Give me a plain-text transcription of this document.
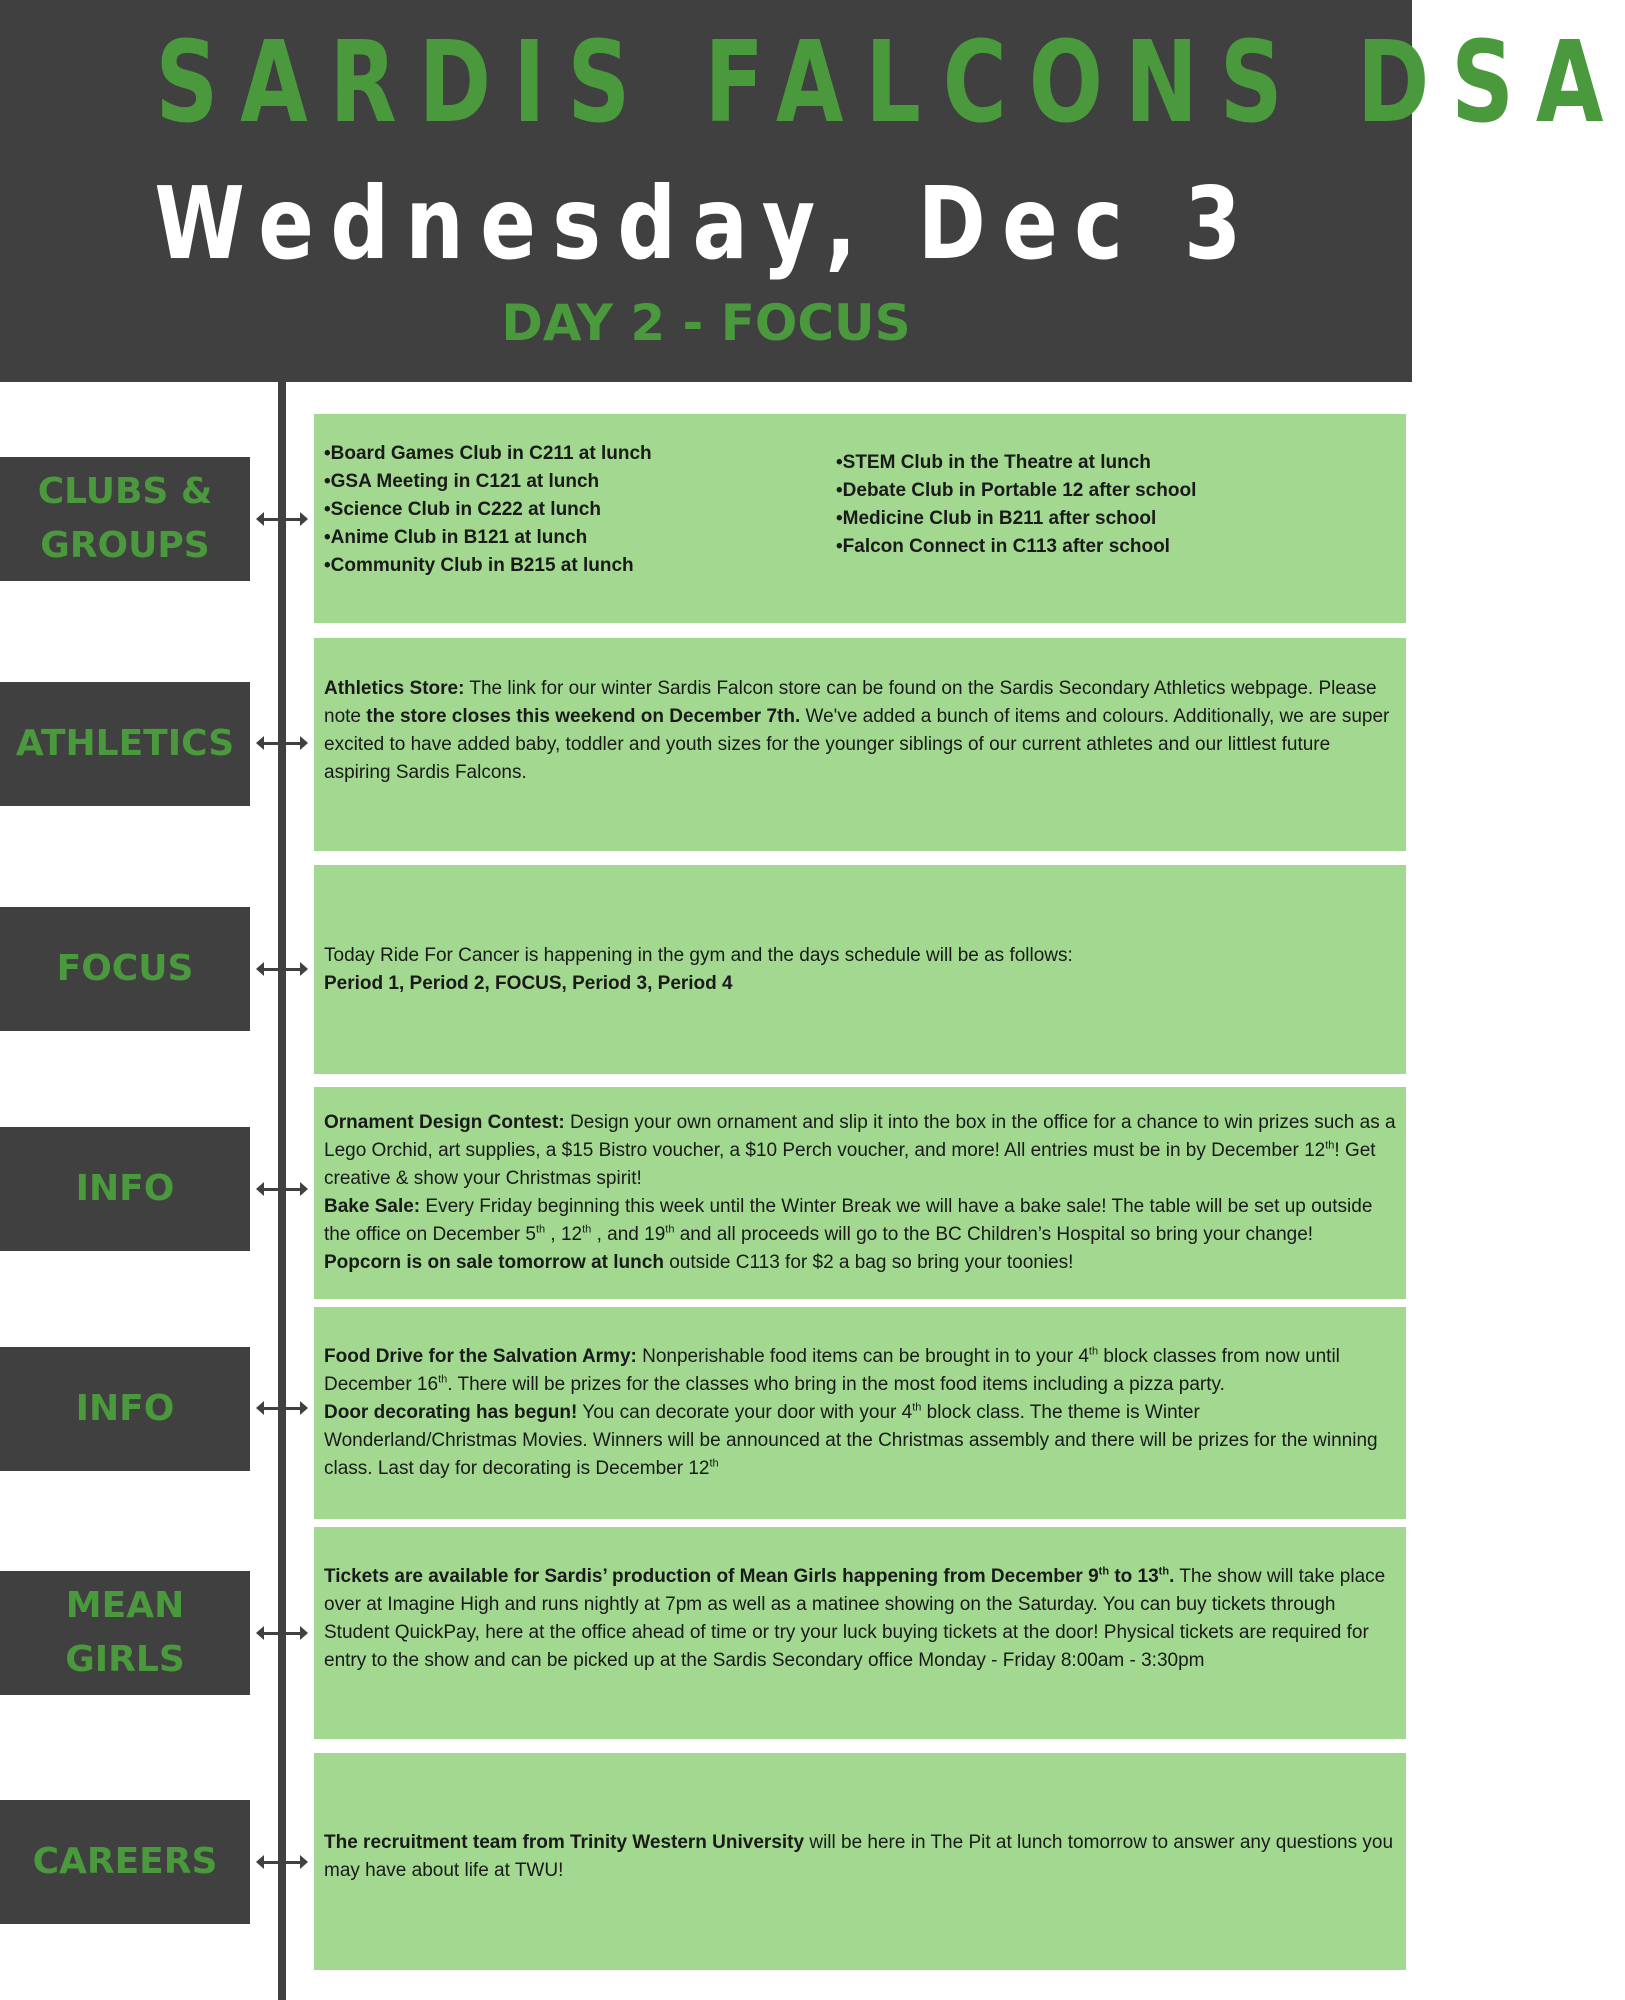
SARDIS FALCONS DSA
Wednesday, Dec 3
DAY 2 - FOCUS
CLUBS &
GROUPS
•Board Games Club in C211 at lunch
•GSA Meeting in C121 at lunch
•Science Club in C222 at lunch
•Anime Club in B121 at lunch
•Community Club in B215 at lunch
•STEM Club in the Theatre at lunch
•Debate Club in Portable 12 after school
•Medicine Club in B211 after school
•Falcon Connect in C113 after school
ATHLETICS

Athletics Store: The link for our winter Sardis Falcon store can be found on the Sardis Secondary Athletics webpage. Please note the store closes this weekend on December 7th. We've added a bunch of items and colours. Additionally, we are super excited to have added baby, toddler and youth sizes for the younger siblings of our current athletes and our littlest future aspiring Sardis Falcons.

FOCUS	Today Ride For Cancer is happening in the gym and the days schedule will be as follows:

Period 1, Period 2, FOCUS, Period 3, Period 4

INFO

Ornament Design Contest: Design your own ornament and slip it into the box in the office for a chance to win prizes such as a Lego Orchid, art supplies, a $15 Bistro voucher, a $10 Perch voucher, and more! All entries must be in by December 12th! Get creative & show your Christmas spirit!

Bake Sale: Every Friday beginning this week until the Winter Break we will have a bake sale! The table will be set up outside the office on December 5th , 12th , and 19th and all proceeds will go to the BC Children’s Hospital so bring your change!

Popcorn is on sale tomorrow at lunch outside C113 for $2 a bag so bring your toonies!

INFO

Food Drive for the Salvation Army: Nonperishable food items can be brought in to your 4th block classes from now until December 16th. There will be prizes for the classes who bring in the most food items including a pizza party.

Door decorating has begun! You can decorate your door with your 4th block class. The theme is Winter Wonderland/Christmas Movies. Winners will be announced at the Christmas assembly and there will be prizes for the winning class. Last day for decorating is December 12th

MEAN
GIRLS

Tickets are available for Sardis’ production of Mean Girls happening from December 9th to 13th. The show will take place over at Imagine High and runs nightly at 7pm as well as a matinee showing on the Saturday. You can buy tickets through Student QuickPay, here at the office ahead of time or try your luck buying tickets at the door! Physical tickets are required for entry to the show and can be picked up at the Sardis Secondary office Monday - Friday 8:00am - 3:30pm

CAREERS	The recruitment team from Trinity Western University will be here in The Pit at lunch tomorrow to answer any questions you may have about life at TWU!
